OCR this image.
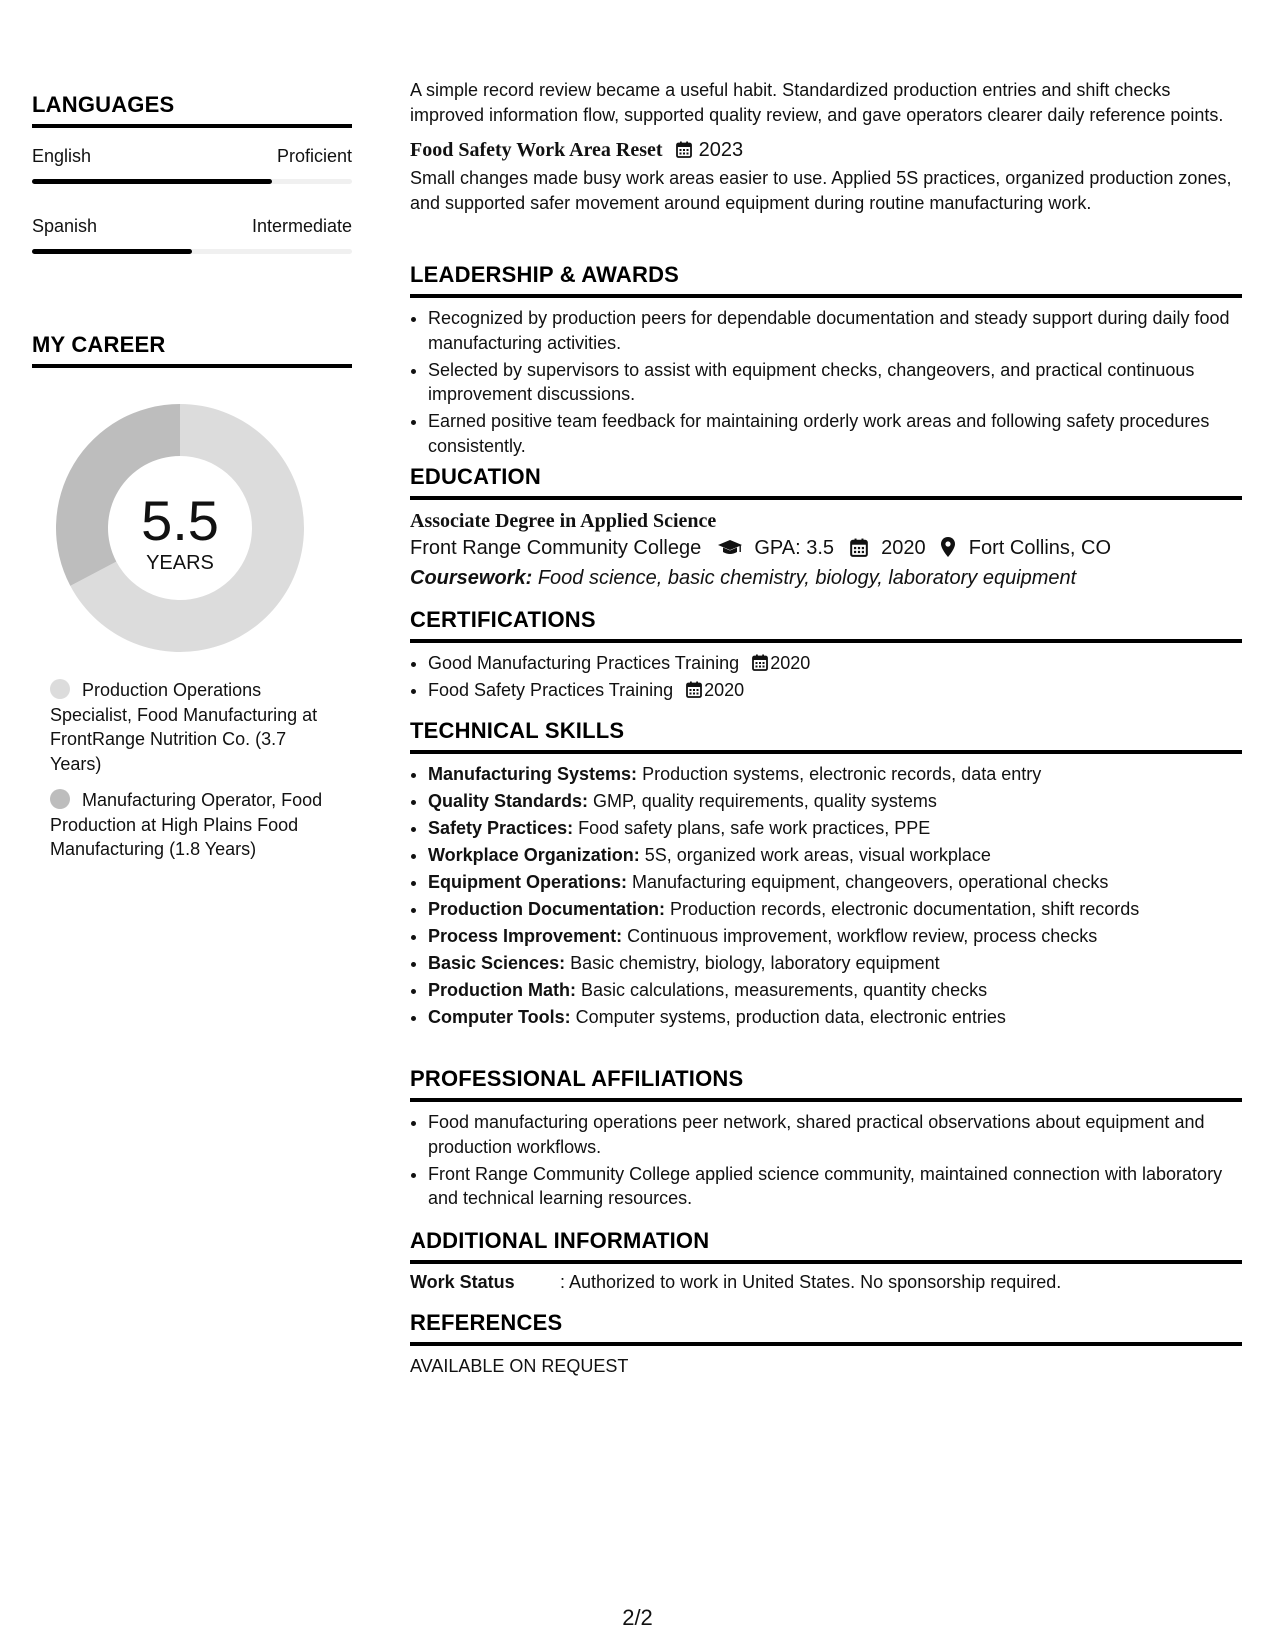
LANGUAGES
English	Proficient
Spanish	Intermediate
MY CAREER
5.5
YEARS
Production Operations Specialist, Food Manufacturing at FrontRange Nutrition Co. (3.7 Years)
Manufacturing Operator, Food Production at High Plains Food Manufacturing (1.8 Years)
A simple record review became a useful habit. Standardized production entries and shift checks improved information flow, supported quality review, and gave operators clearer daily reference points.
Food Safety Work Area Reset 2023
Small changes made busy work areas easier to use. Applied 5S practices, organized production zones, and supported safer movement around equipment during routine manufacturing work.
LEADERSHIP & AWARDS
• Recognized by production peers for dependable documentation and steady support during daily food manufacturing activities.
• Selected by supervisors to assist with equipment checks, changeovers, and practical continuous improvement discussions.
• Earned positive team feedback for maintaining orderly work areas and following safety procedures consistently.
EDUCATION
Associate Degree in Applied Science
Front Range Community College	GPA: 3.5 2020 Fort Collins, CO
Coursework: Food science, basic chemistry, biology, laboratory equipment
CERTIFICATIONS
• Good Manufacturing Practices Training 2020
• Food Safety Practices Training 2020
TECHNICAL SKILLS
• Manufacturing Systems: Production systems, electronic records, data entry
• Quality Standards: GMP, quality requirements, quality systems
• Safety Practices: Food safety plans, safe work practices, PPE
• Workplace Organization: 5S, organized work areas, visual workplace
• Equipment Operations: Manufacturing equipment, changeovers, operational checks
• Production Documentation: Production records, electronic documentation, shift records
• Process Improvement: Continuous improvement, workflow review, process checks
• Basic Sciences: Basic chemistry, biology, laboratory equipment
• Production Math: Basic calculations, measurements, quantity checks
• Computer Tools: Computer systems, production data, electronic entries
PROFESSIONAL AFFILIATIONS
• Food manufacturing operations peer network, shared practical observations about equipment and production workflows.
• Front Range Community College applied science community, maintained connection with laboratory and technical learning resources.
ADDITIONAL INFORMATION
Work Status	: Authorized to work in United States. No sponsorship required.
REFERENCES
AVAILABLE ON REQUEST
2/2
